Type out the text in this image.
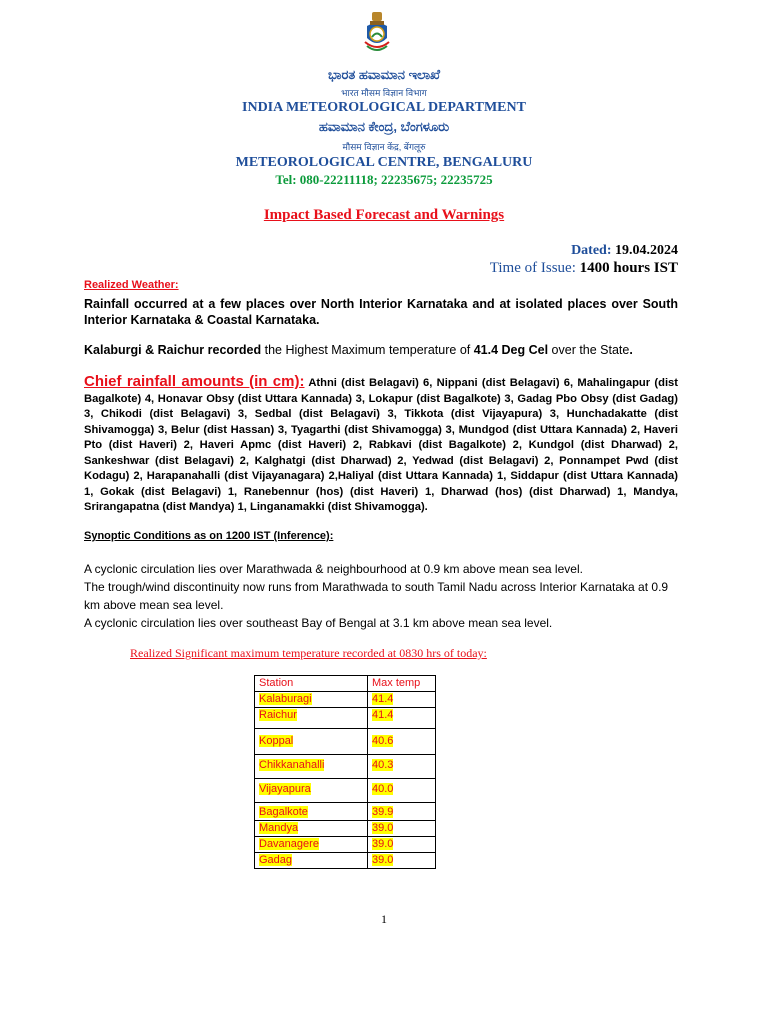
ಭಾರತ ಹವಾಮಾನ ಇಲಾಖೆ
भारत मौसम विज्ञान विभाग
INDIA METEOROLOGICAL DEPARTMENT
ಹವಾಮಾನ ಕೇಂದ್ರ, ಬೆಂಗಳೂರು
मौसम विज्ञान केंद्र, बेंगलूरु
METEOROLOGICAL CENTRE, BENGALURU
Tel: 080-22211118; 22235675; 22235725
Impact Based Forecast and Warnings
Dated: 19.04.2024
Time of Issue: 1400 hours IST
Realized Weather:
Rainfall occurred at a few places over North Interior Karnataka and at isolated places over South Interior Karnataka & Coastal Karnataka.
Kalaburgi & Raichur recorded the Highest Maximum temperature of 41.4 Deg Cel over the State.
Chief rainfall amounts (in cm): Athni (dist Belagavi) 6, Nippani (dist Belagavi) 6, Mahalingapur (dist Bagalkote) 4, Honavar Obsy (dist Uttara Kannada) 3, Lokapur (dist Bagalkote) 3, Gadag Pbo Obsy (dist Gadag) 3, Chikodi (dist Belagavi) 3, Sedbal (dist Belagavi) 3, Tikkota (dist Vijayapura) 3, Hunchadakatte (dist Shivamogga) 3, Belur (dist Hassan) 3, Tyagarthi (dist Shivamogga) 3, Mundgod (dist Uttara Kannada) 2, Haveri Pto (dist Haveri) 2, Haveri Apmc (dist Haveri) 2, Rabkavi (dist Bagalkote) 2, Kundgol (dist Dharwad) 2, Sankeshwar (dist Belagavi) 2, Kalghatgi (dist Dharwad) 2, Yedwad (dist Belagavi) 2, Ponnampet Pwd (dist Kodagu) 2, Harapanahalli (dist Vijayanagara) 2,Haliyal (dist Uttara Kannada) 1, Siddapur (dist Uttara Kannada) 1, Gokak (dist Belagavi) 1, Ranebennur (hos) (dist Haveri) 1, Dharwad (hos) (dist Dharwad) 1, Mandya, Srirangapatna (dist Mandya) 1, Linganamakki (dist Shivamogga).
Synoptic Conditions as on 1200 IST (Inference):
A cyclonic circulation lies over Marathwada & neighbourhood at 0.9 km above mean sea level.
The trough/wind discontinuity now runs from Marathwada to south Tamil Nadu across Interior Karnataka at 0.9 km above mean sea level.
A cyclonic circulation lies over southeast Bay of Bengal at 3.1 km above mean sea level.
Realized Significant maximum temperature recorded at 0830 hrs of today:
Station	Max temp
Kalaburagi	41.4
Raichur	41.4
Koppal	40.6
Chikkanahalli	40.3
Vijayapura	40.0
Bagalkote	39.9
Mandya	39.0
Davanagere	39.0
Gadag	39.0
1
